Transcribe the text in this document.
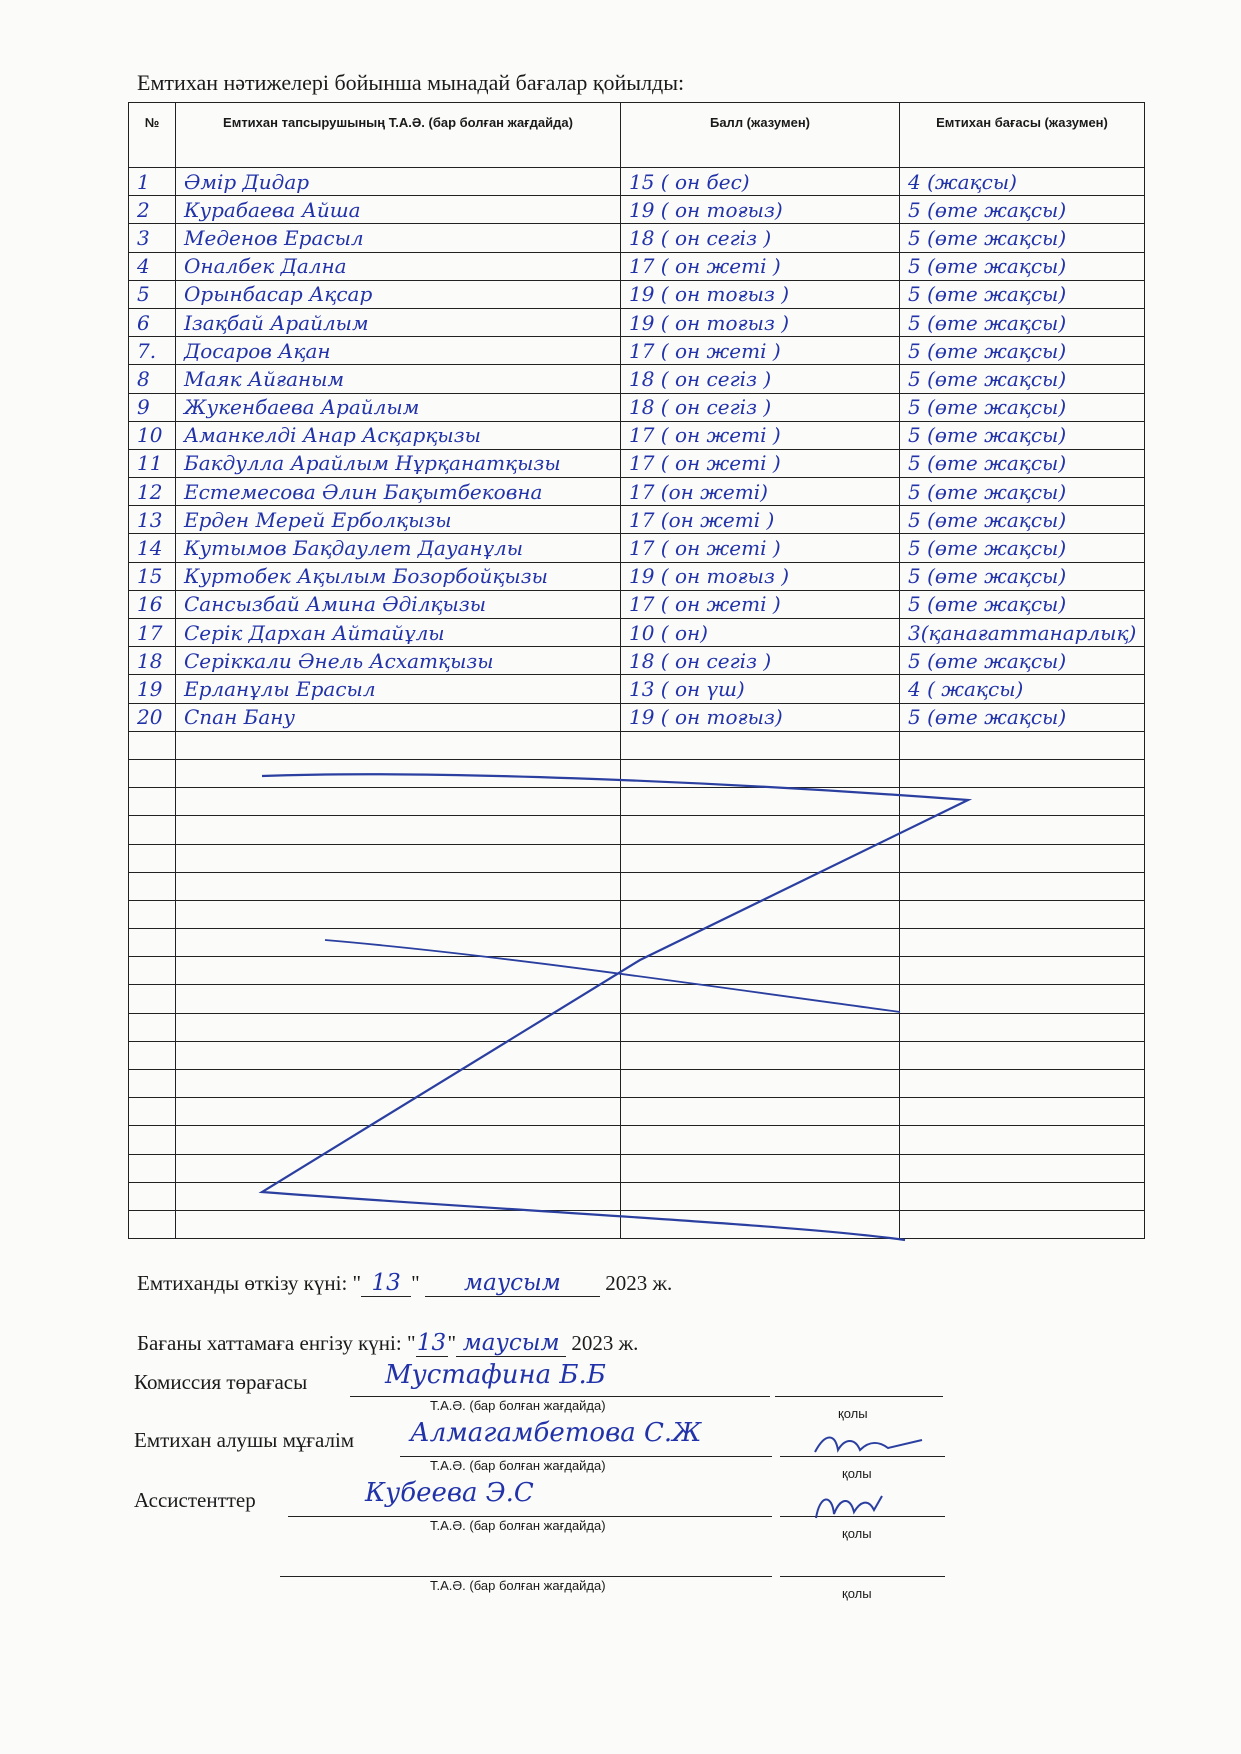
Емтихан нәтижелері бойынша мынадай бағалар қойылды:
№	Емтихан тапсырушының Т.А.Ә. (бар болған жағдайда)	Балл (жазумен)	Емтихан бағасы (жазумен)
1	Әмір Дидар	15 ( он бес)	4 (жақсы)
2	Курабаева Айша	19 ( он тоғыз)	5 (өте жақсы)
3	Меденов Ерасыл	18 ( он сегіз )	5 (өте жақсы)
4	Оналбек Дална	17 ( он жеті )	5 (өте жақсы)
5	Орынбасар Ақсар	19 ( он тоғыз )	5 (өте жақсы)
6	Ізақбай Арайлым	19 ( он тоғыз )	5 (өте жақсы)
7.	Досаров Ақан	17 ( он жеті )	5 (өте жақсы)
8	Маяк Айғаным	18 ( он сегіз )	5 (өте жақсы)
9	Жукенбаева Арайлым	18 ( он сегіз )	5 (өте жақсы)
10	Аманкелді Анар Асқарқызы	17 ( он жеті )	5 (өте жақсы)
11	Бакдулла Арайлым Нұрқанатқызы	17 ( он жеті )	5 (өте жақсы)
12	Естемесова Әлин Бақытбековна	17 (он жеті)	5 (өте жақсы)
13	Ерден Мерей Ерболқызы	17 (он жеті )	5 (өте жақсы)
14	Кутымов Бақдаулет Дауанұлы	17 ( он жеті )	5 (өте жақсы)
15	Куртобек Ақылым Бозорбойқызы	19 ( он тоғыз )	5 (өте жақсы)
16	Сансызбай Амина Әділқызы	17 ( он жеті )	5 (өте жақсы)
17	Серік Дархан Айтайұлы	10 ( он)	3(қанағаттанарлық)
18	Серіккали Әнель Асхатқызы	18 ( он сегіз )	5 (өте жақсы)
19	Ерланұлы Ерасыл	13 ( он үш)	4 ( жақсы)
20	Спан Бану	19 ( он тоғыз)	5 (өте жақсы)

Емтиханды өткізу күні: " 13 " маусым 2023 ж.
Бағаны хаттамаға енгізу күні: "13" маусым 2023 ж.
Комиссия төрағасы	Мустафина Б.Б
Т.А.Ә. (бар болған жағдайда)
қолы
Емтихан алушы мұғалім Алмагамбетова С.Ж
Т.А.Ә. (бар болған жағдайда)
қолы
Ассистенттер	Кубеева Э.С
Т.А.Ә. (бар болған жағдайда)
қолы
Т.А.Ә. (бар болған жағдайда)
қолы
